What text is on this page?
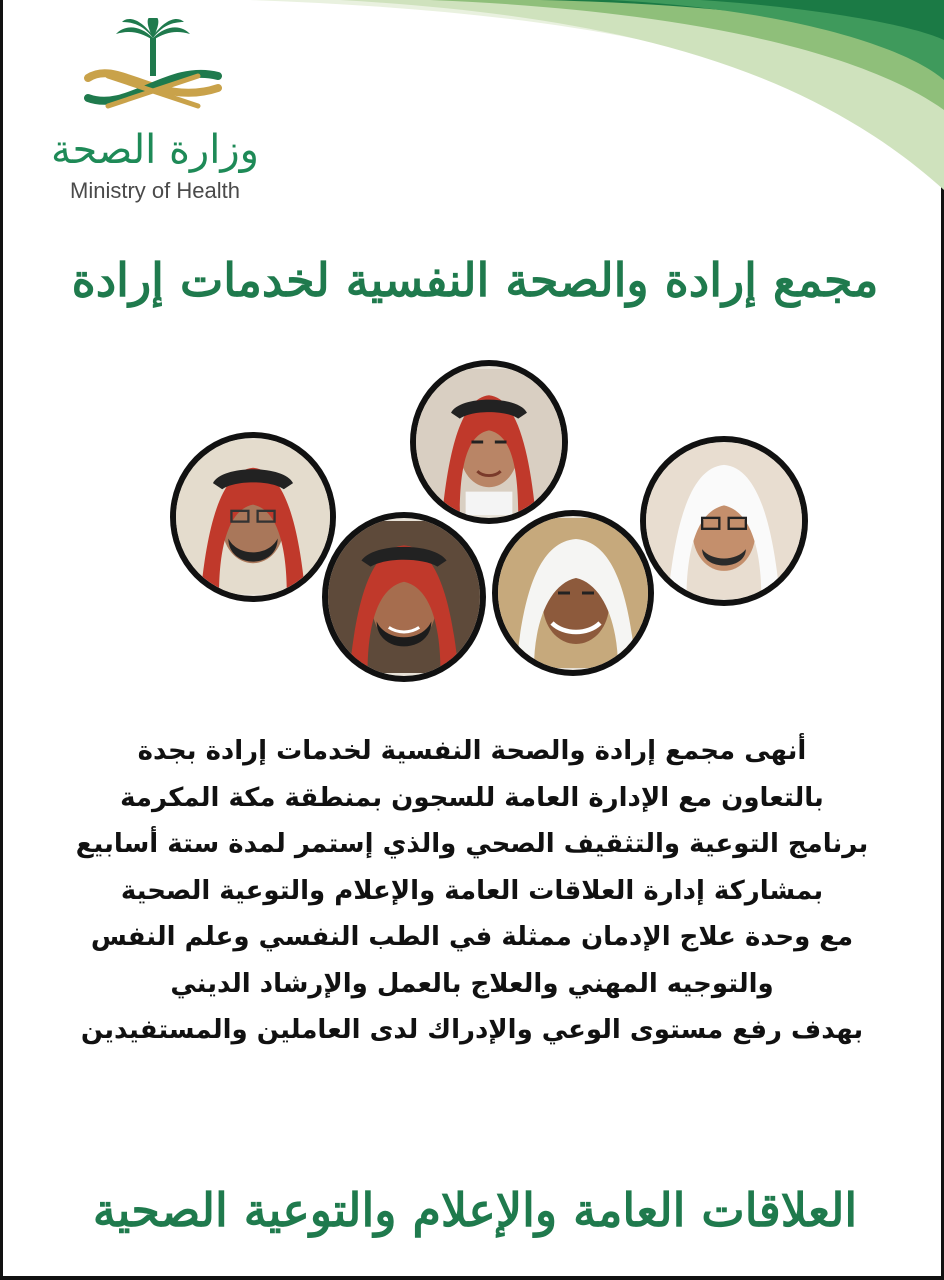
وزارة الصحة
Ministry of Health
مجمع إرادة والصحة النفسية لخدمات إرادة
أنهى مجمع إرادة والصحة النفسية لخدمات إرادة بجدة
بالتعاون مع الإدارة العامة للسجون بمنطقة مكة المكرمة
برنامج التوعية والتثقيف الصحي والذي إستمر لمدة ستة أسابيع
بمشاركة إدارة العلاقات العامة والإعلام والتوعية الصحية
مع وحدة علاج الإدمان ممثلة في الطب النفسي وعلم النفس
والتوجيه المهني والعلاج بالعمل والإرشاد الديني
بهدف رفع مستوى الوعي والإدراك لدى العاملين والمستفيدين
العلاقات العامة والإعلام والتوعية الصحية
